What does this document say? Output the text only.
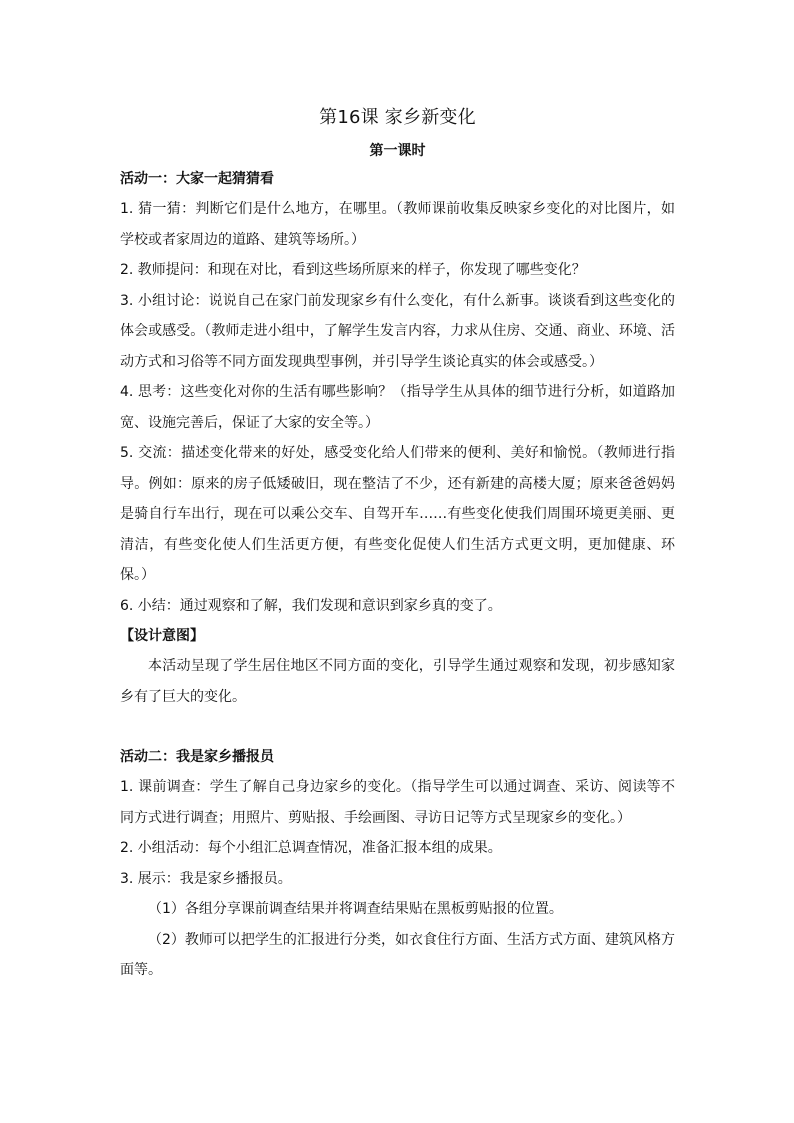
第16课 家乡新变化
第一课时
活动一：大家一起猜猜看

1. 猜一猜：判断它们是什么地方，在哪里。（教师课前收集反映家乡变化的对比图片，如学校或者家周边的道路、建筑等场所。）

2. 教师提问：和现在对比，看到这些场所原来的样子，你发现了哪些变化？

3. 小组讨论：说说自己在家门前发现家乡有什么变化，有什么新事。谈谈看到这些变化的体会或感受。（教师走进小组中，了解学生发言内容，力求从住房、交通、商业、环境、活动方式和习俗等不同方面发现典型事例，并引导学生谈论真实的体会或感受。）

4. 思考：这些变化对你的生活有哪些影响？（指导学生从具体的细节进行分析，如道路加宽、设施完善后，保证了大家的安全等。）

5. 交流：描述变化带来的好处，感受变化给人们带来的便利、美好和愉悦。（教师进行指导。例如：原来的房子低矮破旧，现在整洁了不少，还有新建的高楼大厦；原来爸爸妈妈是骑自行车出行，现在可以乘公交车、自驾开车……有些变化使我们周围环境更美丽、更清洁，有些变化使人们生活更方便，有些变化促使人们生活方式更文明，更加健康、环保。）

6. 小结：通过观察和了解，我们发现和意识到家乡真的变了。

【设计意图】

本活动呈现了学生居住地区不同方面的变化，引导学生通过观察和发现，初步感知家乡有了巨大的变化。

活动二：我是家乡播报员

1. 课前调查：学生了解自己身边家乡的变化。（指导学生可以通过调查、采访、阅读等不同方式进行调查；用照片、剪贴报、手绘画图、寻访日记等方式呈现家乡的变化。）

2. 小组活动：每个小组汇总调查情况，准备汇报本组的成果。

3. 展示：我是家乡播报员。

（1）各组分享课前调查结果并将调查结果贴在黑板剪贴报的位置。

（2）教师可以把学生的汇报进行分类，如衣食住行方面、生活方式方面、建筑风格方面等。
